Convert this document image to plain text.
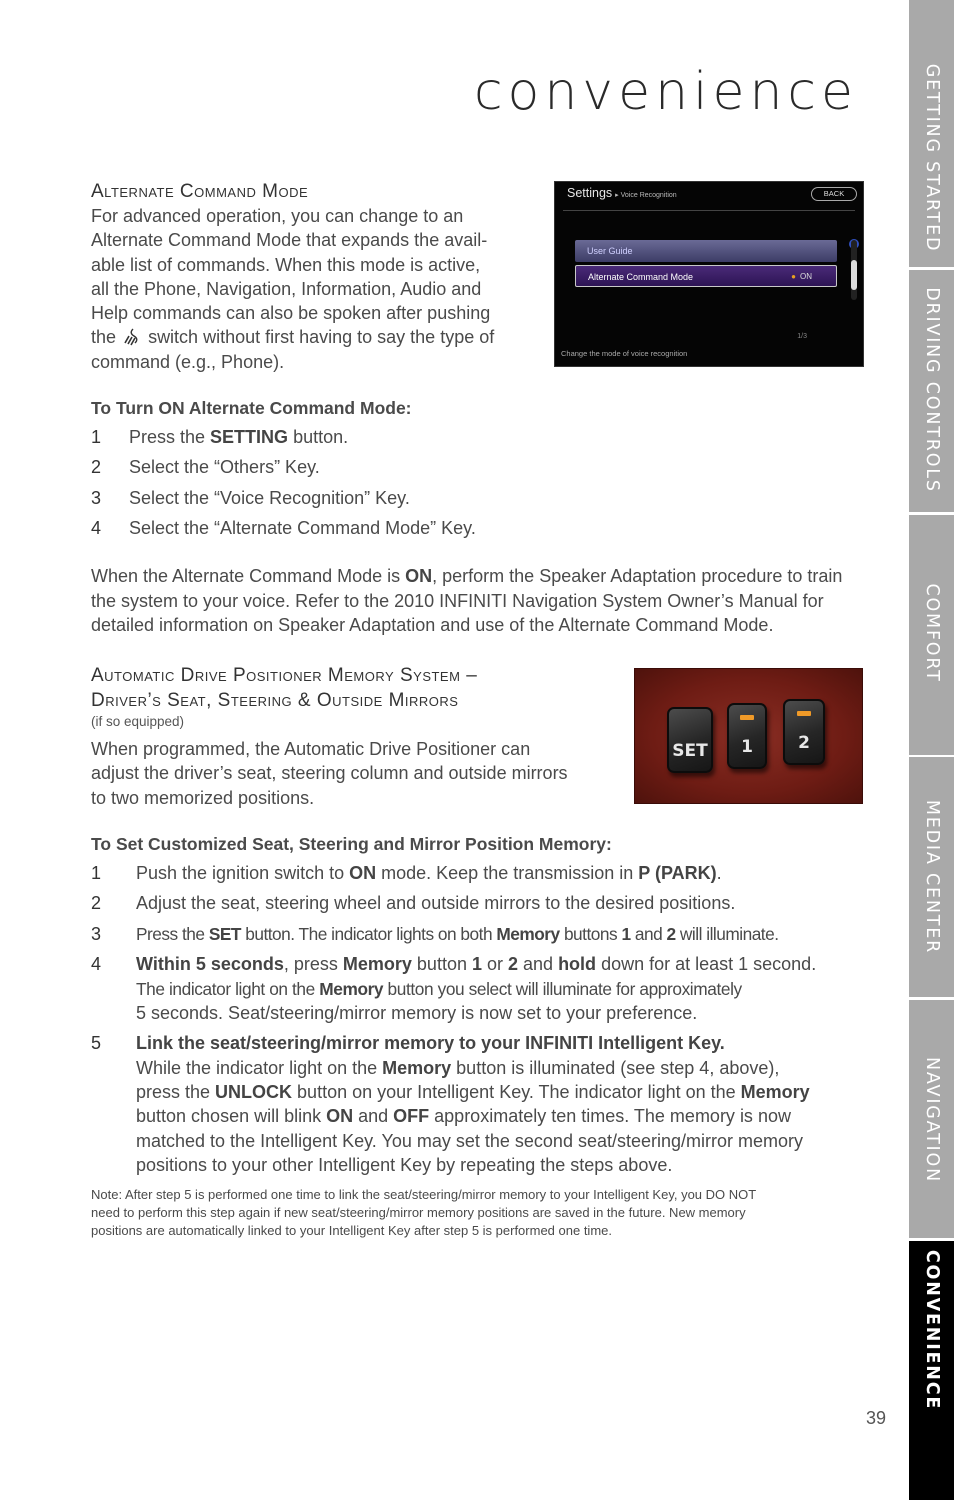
convenience
Alternate Command Mode
For advanced operation, you can change to an
Alternate Command Mode that expands the avail-
able list of commands. When this mode is active,
all the Phone, Navigation, Information, Audio and
Help commands can also be spoken after pushing
the switch without first having to say the type of
command (e.g., Phone).
To Turn ON Alternate Command Mode:
1	Press the SETTING button.
2	Select the “Others” Key.
3	Select the “Voice Recognition” Key.
4	Select the “Alternate Command Mode” Key.
When the Alternate Command Mode is ON, perform the Speaker Adaptation procedure to train
the system to your voice. Refer to the 2010 INFINITI Navigation System Owner’s Manual for
detailed information on Speaker Adaptation and use of the Alternate Command Mode.
Settings ▸ Voice Recognition	BACK
User Guide
Alternate Command Mode
●	ON
1/3
Change the mode of voice recognition
Automatic Drive Positioner Memory System –
Driver’s Seat, Steering & Outside Mirrors
(if so equipped)
When programmed, the Automatic Drive Positioner can
adjust the driver’s seat, steering column and outside mirrors
to two memorized positions.
To Set Customized Seat, Steering and Mirror Position Memory:
1	Push the ignition switch to ON mode. Keep the transmission in P (PARK).
2	Adjust the seat, steering wheel and outside mirrors to the desired positions.
3	Press the SET button. The indicator lights on both Memory buttons 1 and 2 will illuminate.
4 Within 5 seconds, press Memory button 1 or 2 and hold down for at least 1 second.
The indicator light on the Memory button you select will illuminate for approximately
5 seconds. Seat/steering/mirror memory is now set to your preference.
5 Link the seat/steering/mirror memory to your INFINITI Intelligent Key.
While the indicator light on the Memory button is illuminated (see step 4, above),
press the UNLOCK button on your Intelligent Key. The indicator light on the Memory
button chosen will blink ON and OFF approximately ten times. The memory is now
matched to the Intelligent Key. You may set the second seat/steering/mirror memory
positions to your other Intelligent Key by repeating the steps above.
Note: After step 5 is performed one time to link the seat/steering/mirror memory to your Intelligent Key, you DO NOT
need to perform this step again if new seat/steering/mirror memory positions are saved in the future. New memory
positions are automatically linked to your Intelligent Key after step 5 is performed one time.
SET	1	2
GETTING STARTED
DRIVING CONTROLS
COMFORT
MEDIA CENTER
NAVIGATION
CONVENIENCE
39
